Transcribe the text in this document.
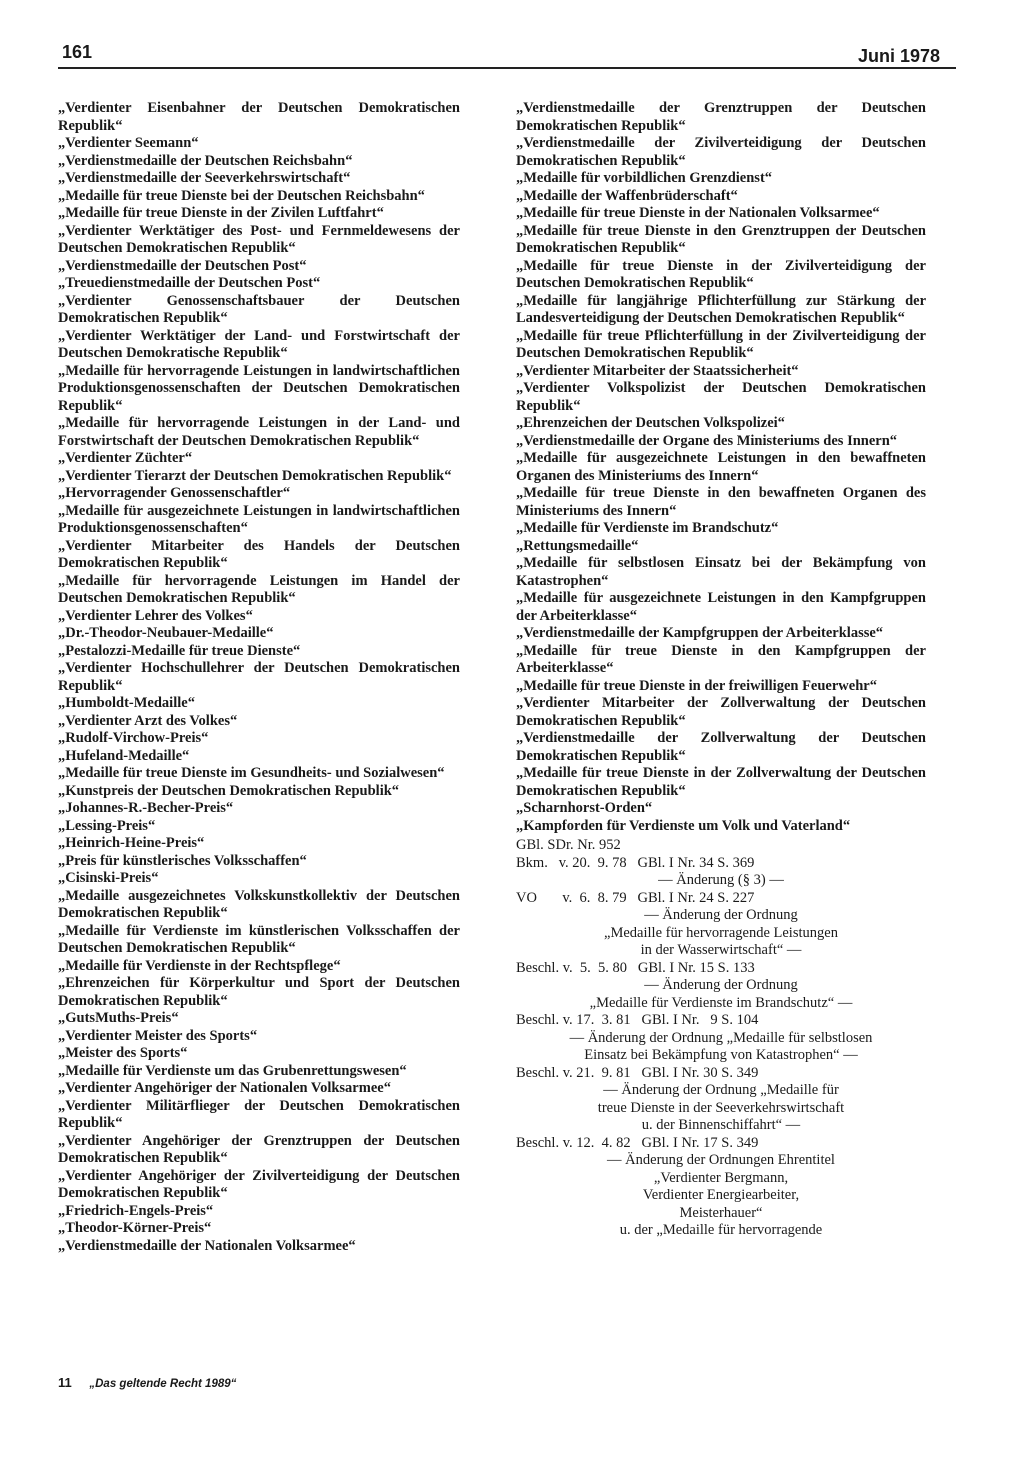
161	Juni 1978
„Verdienter Eisenbahner der Deutschen Demokratischen Republik“
„Verdienter Seemann“
„Verdienstmedaille der Deutschen Reichsbahn“
„Verdienstmedaille der Seeverkehrswirtschaft“
„Medaille für treue Dienste bei der Deutschen Reichsbahn“
„Medaille für treue Dienste in der Zivilen Luftfahrt“
„Verdienter Werktätiger des Post- und Fernmeldewesens der Deutschen Demokratischen Republik“
„Verdienstmedaille der Deutschen Post“
„Treuedienstmedaille der Deutschen Post“
„Verdienter Genossenschaftsbauer der Deutschen Demokratischen Republik“
„Verdienter Werktätiger der Land- und Forstwirtschaft der Deutschen Demokratische Republik“
„Medaille für hervorragende Leistungen in landwirtschaftlichen Produktionsgenossenschaften der Deutschen Demokratischen Republik“
„Medaille für hervorragende Leistungen in der Land- und Forstwirtschaft der Deutschen Demokratischen Republik“
„Verdienter Züchter“
„Verdienter Tierarzt der Deutschen Demokratischen Republik“
„Hervorragender Genossenschaftler“
„Medaille für ausgezeichnete Leistungen in landwirtschaftlichen Produktionsgenossenschaften“
„Verdienter Mitarbeiter des Handels der Deutschen Demokratischen Republik“
„Medaille für hervorragende Leistungen im Handel der Deutschen Demokratischen Republik“
„Verdienter Lehrer des Volkes“
„Dr.-Theodor-Neubauer-Medaille“
„Pestalozzi-Medaille für treue Dienste“
„Verdienter Hochschullehrer der Deutschen Demokratischen Republik“
„Humboldt-Medaille“
„Verdienter Arzt des Volkes“
„Rudolf-Virchow-Preis“
„Hufeland-Medaille“
„Medaille für treue Dienste im Gesundheits- und Sozialwesen“
„Kunstpreis der Deutschen Demokratischen Republik“
„Johannes-R.-Becher-Preis“
„Lessing-Preis“
„Heinrich-Heine-Preis“
„Preis für künstlerisches Volksschaffen“
„Cisinski-Preis“
„Medaille ausgezeichnetes Volkskunstkollektiv der Deutschen Demokratischen Republik“
„Medaille für Verdienste im künstlerischen Volksschaffen der Deutschen Demokratischen Republik“
„Medaille für Verdienste in der Rechtspflege“
„Ehrenzeichen für Körperkultur und Sport der Deutschen Demokratischen Republik“
„GutsMuths-Preis“
„Verdienter Meister des Sports“
„Meister des Sports“
„Medaille für Verdienste um das Grubenrettungswesen“
„Verdienter Angehöriger der Nationalen Volksarmee“
„Verdienter Militärflieger der Deutschen Demokratischen Republik“
„Verdienter Angehöriger der Grenztruppen der Deutschen Demokratischen Republik“
„Verdienter Angehöriger der Zivilverteidigung der Deutschen Demokratischen Republik“
„Friedrich-Engels-Preis“
„Theodor-Körner-Preis“
„Verdienstmedaille der Nationalen Volksarmee“
„Verdienstmedaille der Grenztruppen der Deutschen Demokratischen Republik“
„Verdienstmedaille der Zivilverteidigung der Deutschen Demokratischen Republik“
„Medaille für vorbildlichen Grenzdienst“
„Medaille der Waffenbrüderschaft“
„Medaille für treue Dienste in der Nationalen Volksarmee“
„Medaille für treue Dienste in den Grenztruppen der Deutschen Demokratischen Republik“
„Medaille für treue Dienste in der Zivilverteidigung der Deutschen Demokratischen Republik“
„Medaille für langjährige Pflichterfüllung zur Stärkung der Landesverteidigung der Deutschen Demokratischen Republik“
„Medaille für treue Pflichterfüllung in der Zivilverteidigung der Deutschen Demokratischen Republik“
„Verdienter Mitarbeiter der Staatssicherheit“
„Verdienter Volkspolizist der Deutschen Demokratischen Republik“
„Ehrenzeichen der Deutschen Volkspolizei“
„Verdienstmedaille der Organe des Ministeriums des Innern“
„Medaille für ausgezeichnete Leistungen in den bewaffneten Organen des Ministeriums des Innern“
„Medaille für treue Dienste in den bewaffneten Organen des Ministeriums des Innern“
„Medaille für Verdienste im Brandschutz“
„Rettungsmedaille“
„Medaille für selbstlosen Einsatz bei der Bekämpfung von Katastrophen“
„Medaille für ausgezeichnete Leistungen in den Kampfgruppen der Arbeiterklasse“
„Verdienstmedaille der Kampfgruppen der Arbeiterklasse“
„Medaille für treue Dienste in den Kampfgruppen der Arbeiterklasse“
„Medaille für treue Dienste in der freiwilligen Feuerwehr“
„Verdienter Mitarbeiter der Zollverwaltung der Deutschen Demokratischen Republik“
„Verdienstmedaille der Zollverwaltung der Deutschen Demokratischen Republik“
„Medaille für treue Dienste in der Zollverwaltung der Deutschen Demokratischen Republik“
„Scharnhorst-Orden“
„Kampforden für Verdienste um Volk und Vaterland“
GBl. SDr. Nr. 952
Bkm.   v. 20.  9. 78   GBl. I Nr. 34 S. 369
— Änderung (§ 3) —
VO       v.  6.  8. 79   GBl. I Nr. 24 S. 227
— Änderung der Ordnung
„Medaille für hervorragende Leistungen
in der Wasserwirtschaft“ —
Beschl. v.  5.  5. 80   GBl. I Nr. 15 S. 133
— Änderung der Ordnung
„Medaille für Verdienste im Brandschutz“ —
Beschl. v. 17.  3. 81   GBl. I Nr.   9 S. 104
— Änderung der Ordnung „Medaille für selbstlosen
Einsatz bei Bekämpfung von Katastrophen“ —
Beschl. v. 21.  9. 81   GBl. I Nr. 30 S. 349
— Änderung der Ordnung „Medaille für
treue Dienste in der Seeverkehrswirtschaft
u. der Binnenschiffahrt“ —
Beschl. v. 12.  4. 82   GBl. I Nr. 17 S. 349
— Änderung der Ordnungen Ehrentitel
„Verdienter Bergmann,
Verdienter Energiearbeiter,
Meisterhauer“
u. der „Medaille für hervorragende
11 „Das geltende Recht 1989“
